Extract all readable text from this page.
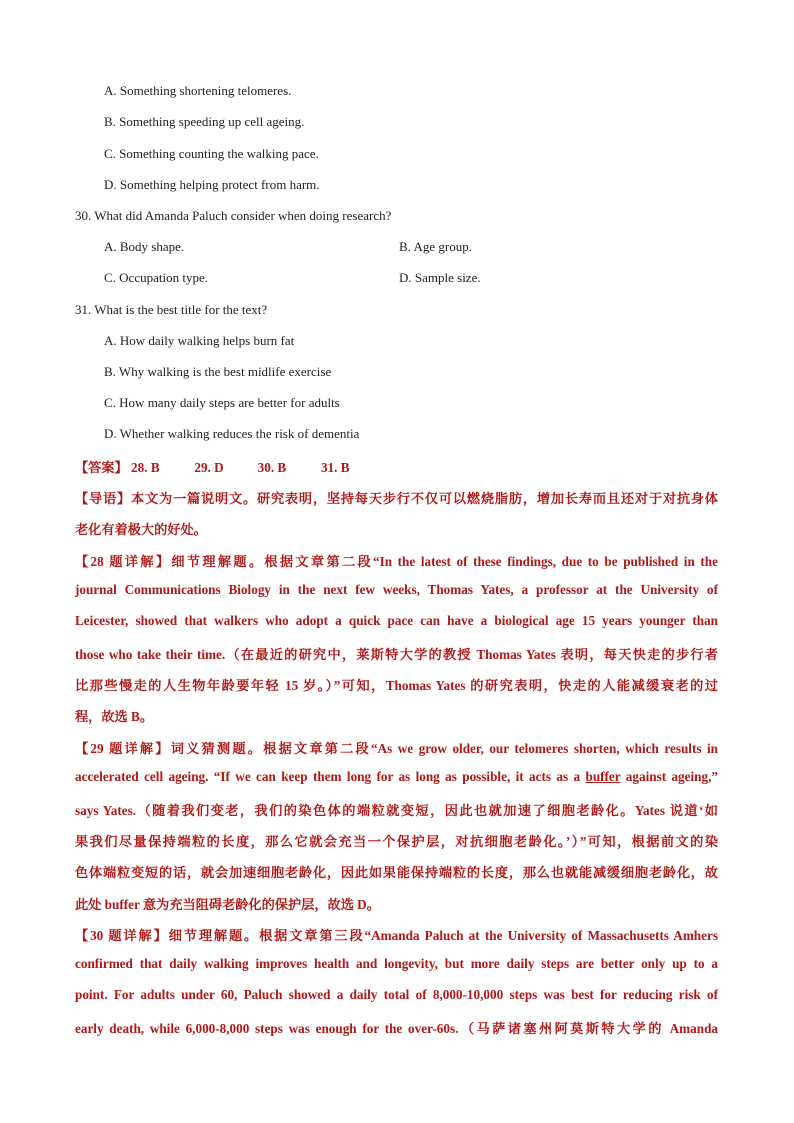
A. Something shortening telomeres.
B. Something speeding up cell ageing.
C. Something counting the walking pace.
D. Something helping protect from harm.
30. What did Amanda Paluch consider when doing research?
A. Body shape.	B. Age group.
C. Occupation type.	D. Sample size.
31. What is the best title for the text?
A. How daily walking helps burn fat
B. Why walking is the best midlife exercise
C. How many daily steps are better for adults
D. Whether walking reduces the risk of dementia
【答案】 28. B	29. D	30. B	31. B
【导语】本文为一篇说明文。研究表明，坚持每天步行不仅可以燃烧脂肪，增加长寿而且还对于对抗身体
老化有着极大的好处。
【28 题详解】细节理解题。根据文章第二段“In the latest of these findings, due to be published in the
journal Communications Biology in the next few weeks, Thomas Yates, a professor at the University of
Leicester, showed that walkers who adopt a quick pace can have a biological age 15 years younger than
those who take their time.（在最近的研究中，莱斯特大学的教授 Thomas Yates 表明，每天快走的步行者
比那些慢走的人生物年龄要年轻 15 岁。）”可知，Thomas Yates 的研究表明，快走的人能减缓衰老的过
程，故选 B。
【29 题详解】词义猜测题。根据文章第二段“As we grow older, our telomeres shorten, which results in
accelerated cell ageing. “If we can keep them long for as long as possible, it acts as a buffer against ageing,”
says Yates.（随着我们变老，我们的染色体的端粒就变短，因此也就加速了细胞老龄化。Yates 说道‘如
果我们尽量保持端粒的长度，那么它就会充当一个保护层，对抗细胞老龄化。’）”可知，根据前文的染
色体端粒变短的话，就会加速细胞老龄化，因此如果能保持端粒的长度，那么也就能减缓细胞老龄化，故
此处 buffer 意为充当阻碍老龄化的保护层，故选 D。
【30 题详解】细节理解题。根据文章第三段“Amanda Paluch at the University of Massachusetts Amhers
confirmed that daily walking improves health and longevity, but more daily steps are better only up to a
point. For adults under 60, Paluch showed a daily total of 8,000-10,000 steps was best for reducing risk of
early death, while 6,000-8,000 steps was enough for the over-60s.（马萨诸塞州阿莫斯特大学的 Amanda
